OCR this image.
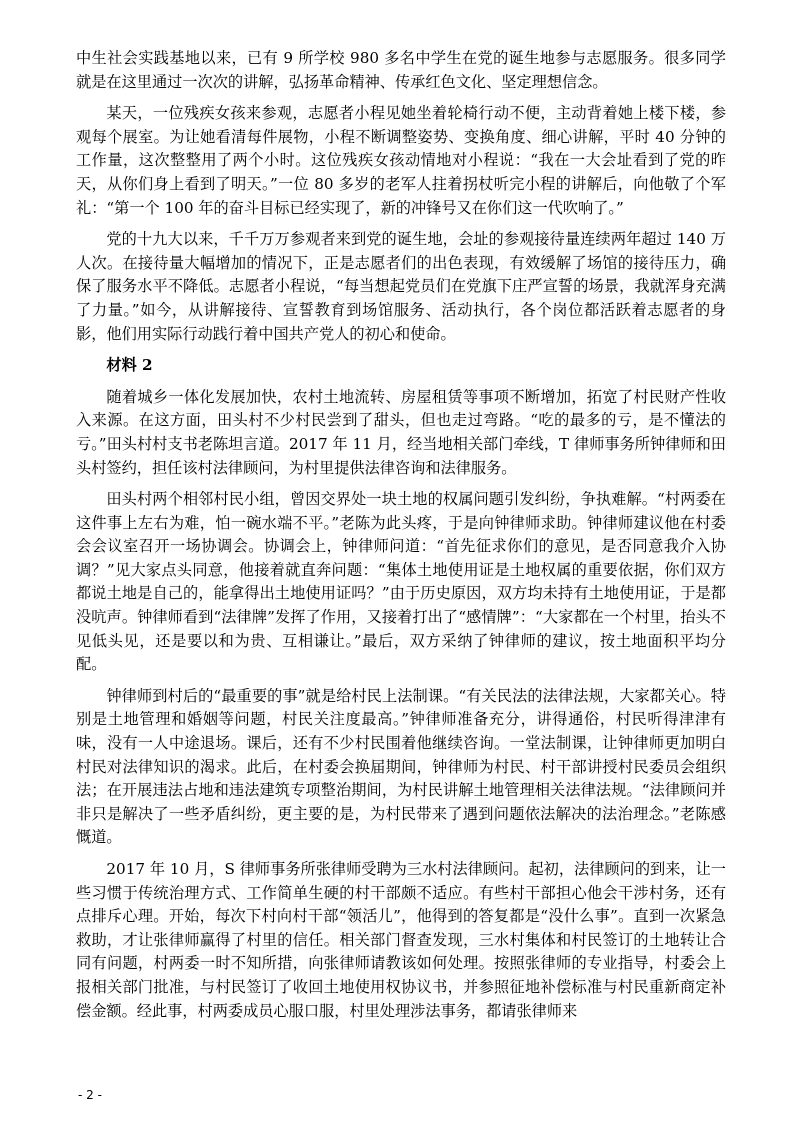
中生社会实践基地以来，已有 9 所学校 980 多名中学生在党的诞生地参与志愿服务。很多同学就是在这里通过一次次的讲解，弘扬革命精神、传承红色文化、坚定理想信念。

某天，一位残疾女孩来参观，志愿者小程见她坐着轮椅行动不便，主动背着她上楼下楼，参观每个展室。为让她看清每件展物，小程不断调整姿势、变换角度、细心讲解，平时 40 分钟的工作量，这次整整用了两个小时。这位残疾女孩动情地对小程说：“我在一大会址看到了党的昨天，从你们身上看到了明天。”一位 80 多岁的老军人拄着拐杖听完小程的讲解后，向他敬了个军礼：“第一个 100 年的奋斗目标已经实现了，新的冲锋号又在你们这一代吹响了。”

党的十九大以来，千千万万参观者来到党的诞生地，会址的参观接待量连续两年超过 140 万人次。在接待量大幅增加的情况下，正是志愿者们的出色表现，有效缓解了场馆的接待压力，确保了服务水平不降低。志愿者小程说，“每当想起党员们在党旗下庄严宣誓的场景，我就浑身充满了力量。”如今，从讲解接待、宣誓教育到场馆服务、活动执行，各个岗位都活跃着志愿者的身影，他们用实际行动践行着中国共产党人的初心和使命。

材料 2

随着城乡一体化发展加快，农村土地流转、房屋租赁等事项不断增加，拓宽了村民财产性收入来源。在这方面，田头村不少村民尝到了甜头，但也走过弯路。“吃的最多的亏，是不懂法的亏。”田头村村支书老陈坦言道。2017 年 11 月，经当地相关部门牵线，T 律师事务所钟律师和田头村签约，担任该村法律顾问，为村里提供法律咨询和法律服务。

田头村两个相邻村民小组，曾因交界处一块土地的权属问题引发纠纷，争执难解。“村两委在这件事上左右为难，怕一碗水端不平。”老陈为此头疼，于是向钟律师求助。钟律师建议他在村委会会议室召开一场协调会。协调会上，钟律师问道：“首先征求你们的意见，是否同意我介入协调？”见大家点头同意，他接着就直奔问题：“集体土地使用证是土地权属的重要依据，你们双方都说土地是自己的，能拿得出土地使用证吗？”由于历史原因，双方均未持有土地使用证，于是都没吭声。钟律师看到“法律牌”发挥了作用，又接着打出了“感情牌”：“大家都在一个村里，抬头不见低头见，还是要以和为贵、互相谦让。”最后，双方采纳了钟律师的建议，按土地面积平均分配。

钟律师到村后的“最重要的事”就是给村民上法制课。“有关民法的法律法规，大家都关心。特别是土地管理和婚姻等问题，村民关注度最高。”钟律师准备充分，讲得通俗，村民听得津津有味，没有一人中途退场。课后，还有不少村民围着他继续咨询。一堂法制课，让钟律师更加明白村民对法律知识的渴求。此后，在村委会换届期间，钟律师为村民、村干部讲授村民委员会组织法；在开展违法占地和违法建筑专项整治期间，为村民讲解土地管理相关法律法规。“法律顾问并非只是解决了一些矛盾纠纷，更主要的是，为村民带来了遇到问题依法解决的法治理念。”老陈感慨道。

2017 年 10 月，S 律师事务所张律师受聘为三水村法律顾问。起初，法律顾问的到来，让一些习惯于传统治理方式、工作简单生硬的村干部颇不适应。有些村干部担心他会干涉村务，还有点排斥心理。开始，每次下村向村干部“领活儿”，他得到的答复都是“没什么事”。直到一次紧急救助，才让张律师赢得了村里的信任。相关部门督查发现，三水村集体和村民签订的土地转让合同有问题，村两委一时不知所措，向张律师请教该如何处理。按照张律师的专业指导，村委会上报相关部门批准，与村民签订了收回土地使用权协议书，并参照征地补偿标准与村民重新商定补偿金额。经此事，村两委成员心服口服，村里处理涉法事务，都请张律师来

- 2 -
